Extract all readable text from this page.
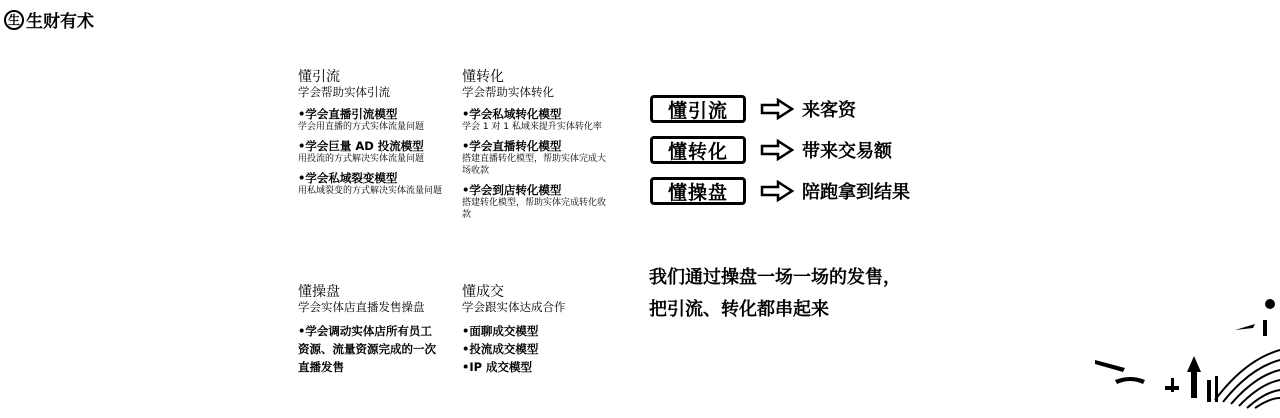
生 生财有术
懂引流

学会帮助实体引流

•学会直播引流模型
学会用直播的方式实体流量问题
•学会巨量 AD 投流模型
用投流的方式解决实体流量问题
•学会私域裂变模型
用私域裂变的方式解决实体流量问题
懂转化

学会帮助实体转化

•学会私域转化模型
学会 1 对 1 私域来提升实体转化率
•学会直播转化模型
搭建直播转化模型，帮助实体完成大场收款
•学会到店转化模型
搭建转化模型，帮助实体完成转化收款
懂操盘

学会实体店直播发售操盘

•学会调动实体店所有员工资源、流量资源完成的一次直播发售
懂成交

学会跟实体达成合作

•面聊成交模型
•投流成交模型
•IP 成交模型
懂引流	来客资
懂转化	带来交易额
懂操盘	陪跑拿到结果

我们通过操盘一场一场的发售，

把引流、转化都串起来
